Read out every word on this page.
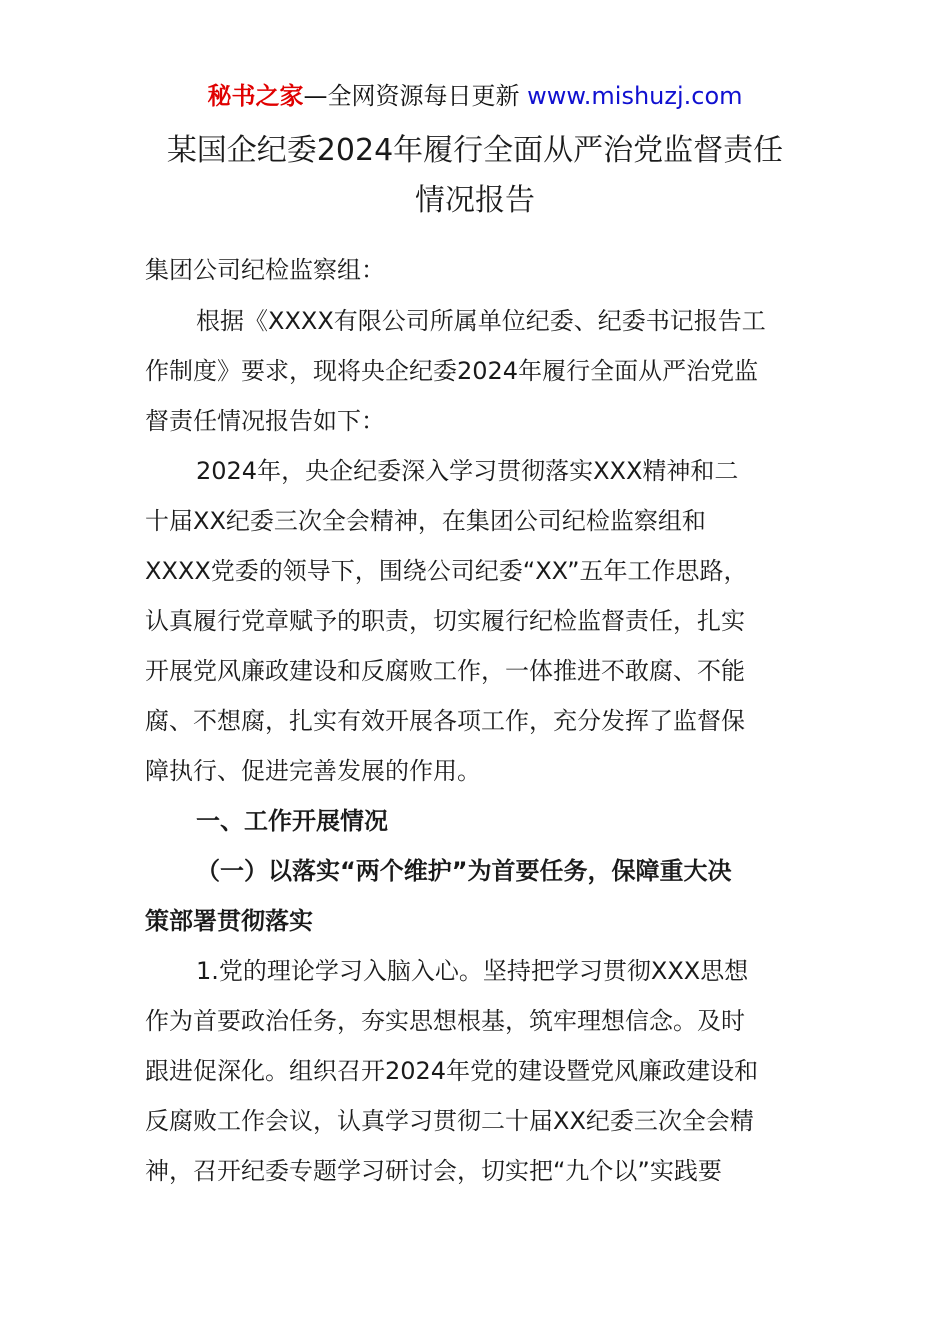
秘书之家—全网资源每日更新 www.mishuzj.com
某国企纪委2024年履行全面从严治党监督责任
情况报告
集团公司纪检监察组：
根据《XXXX有限公司所属单位纪委、纪委书记报告工
作制度》要求，现将央企纪委2024年履行全面从严治党监
督责任情况报告如下：
2024年，央企纪委深入学习贯彻落实XXX精神和二
十届XX纪委三次全会精神，在集团公司纪检监察组和
XXXX党委的领导下，围绕公司纪委“XX”五年工作思路，
认真履行党章赋予的职责，切实履行纪检监督责任，扎实
开展党风廉政建设和反腐败工作，一体推进不敢腐、不能
腐、不想腐，扎实有效开展各项工作，充分发挥了监督保
障执行、促进完善发展的作用。
一、工作开展情况
（一）以落实“两个维护”为首要任务，保障重大决
策部署贯彻落实
1.党的理论学习入脑入心。坚持把学习贯彻XXX思想
作为首要政治任务，夯实思想根基，筑牢理想信念。及时
跟进促深化。组织召开2024年党的建设暨党风廉政建设和
反腐败工作会议，认真学习贯彻二十届XX纪委三次全会精
神，召开纪委专题学习研讨会，切实把“九个以”实践要
